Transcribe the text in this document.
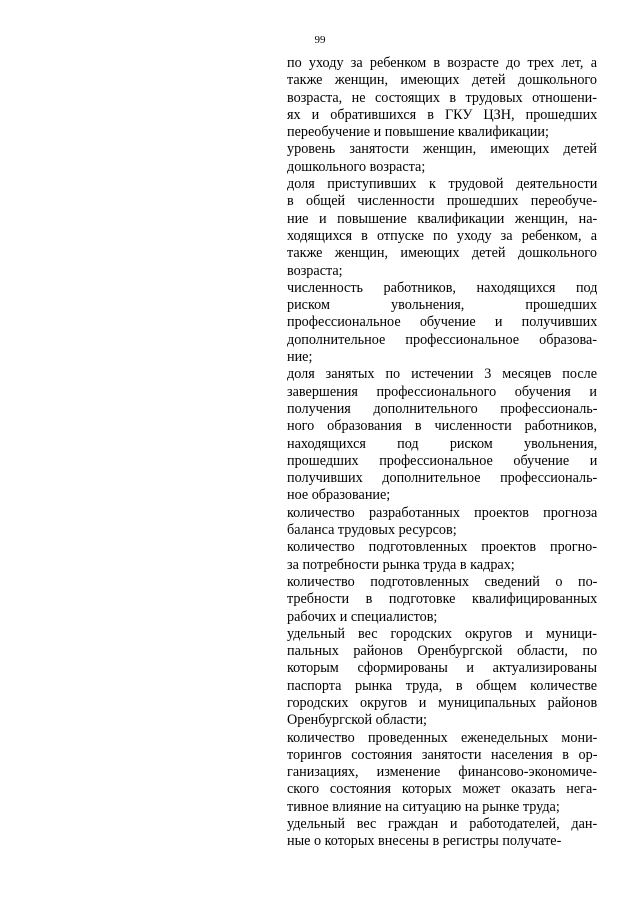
99
по уходу за ребенком в возрасте до трех лет, а
также женщин, имеющих детей дошкольного
возраста, не состоящих в трудовых отношени-
ях и обратившихся в ГКУ ЦЗН, прошедших
переобучение и повышение квалификации;
уровень занятости женщин, имеющих детей
дошкольного возраста;
доля приступивших к трудовой деятельности
в общей численности прошедших переобуче-
ние и повышение квалификации женщин, на-
ходящихся в отпуске по уходу за ребенком, а
также женщин, имеющих детей дошкольного
возраста;
численность работников, находящихся под
риском увольнения, прошедших
профессиональное обучение и получивших
дополнительное профессиональное образова-
ние;
доля занятых по истечении 3 месяцев после
завершения профессионального обучения и
получения дополнительного профессиональ-
ного образования в численности работников,
находящихся под риском увольнения,
прошедших профессиональное обучение и
получивших дополнительное профессиональ-
ное образование;
количество разработанных проектов прогноза
баланса трудовых ресурсов;
количество подготовленных проектов прогно-
за потребности рынка труда в кадрах;
количество подготовленных сведений о по-
требности в подготовке квалифицированных
рабочих и специалистов;
удельный вес городских округов и муници-
пальных районов Оренбургской области, по
которым сформированы и актуализированы
паспорта рынка труда, в общем количестве
городских округов и муниципальных районов
Оренбургской области;
количество проведенных еженедельных мони-
торингов состояния занятости населения в ор-
ганизациях, изменение финансово-экономиче-
ского состояния которых может оказать нега-
тивное влияние на ситуацию на рынке труда;
удельный вес граждан и работодателей, дан-
ные о которых внесены в регистры получате-
